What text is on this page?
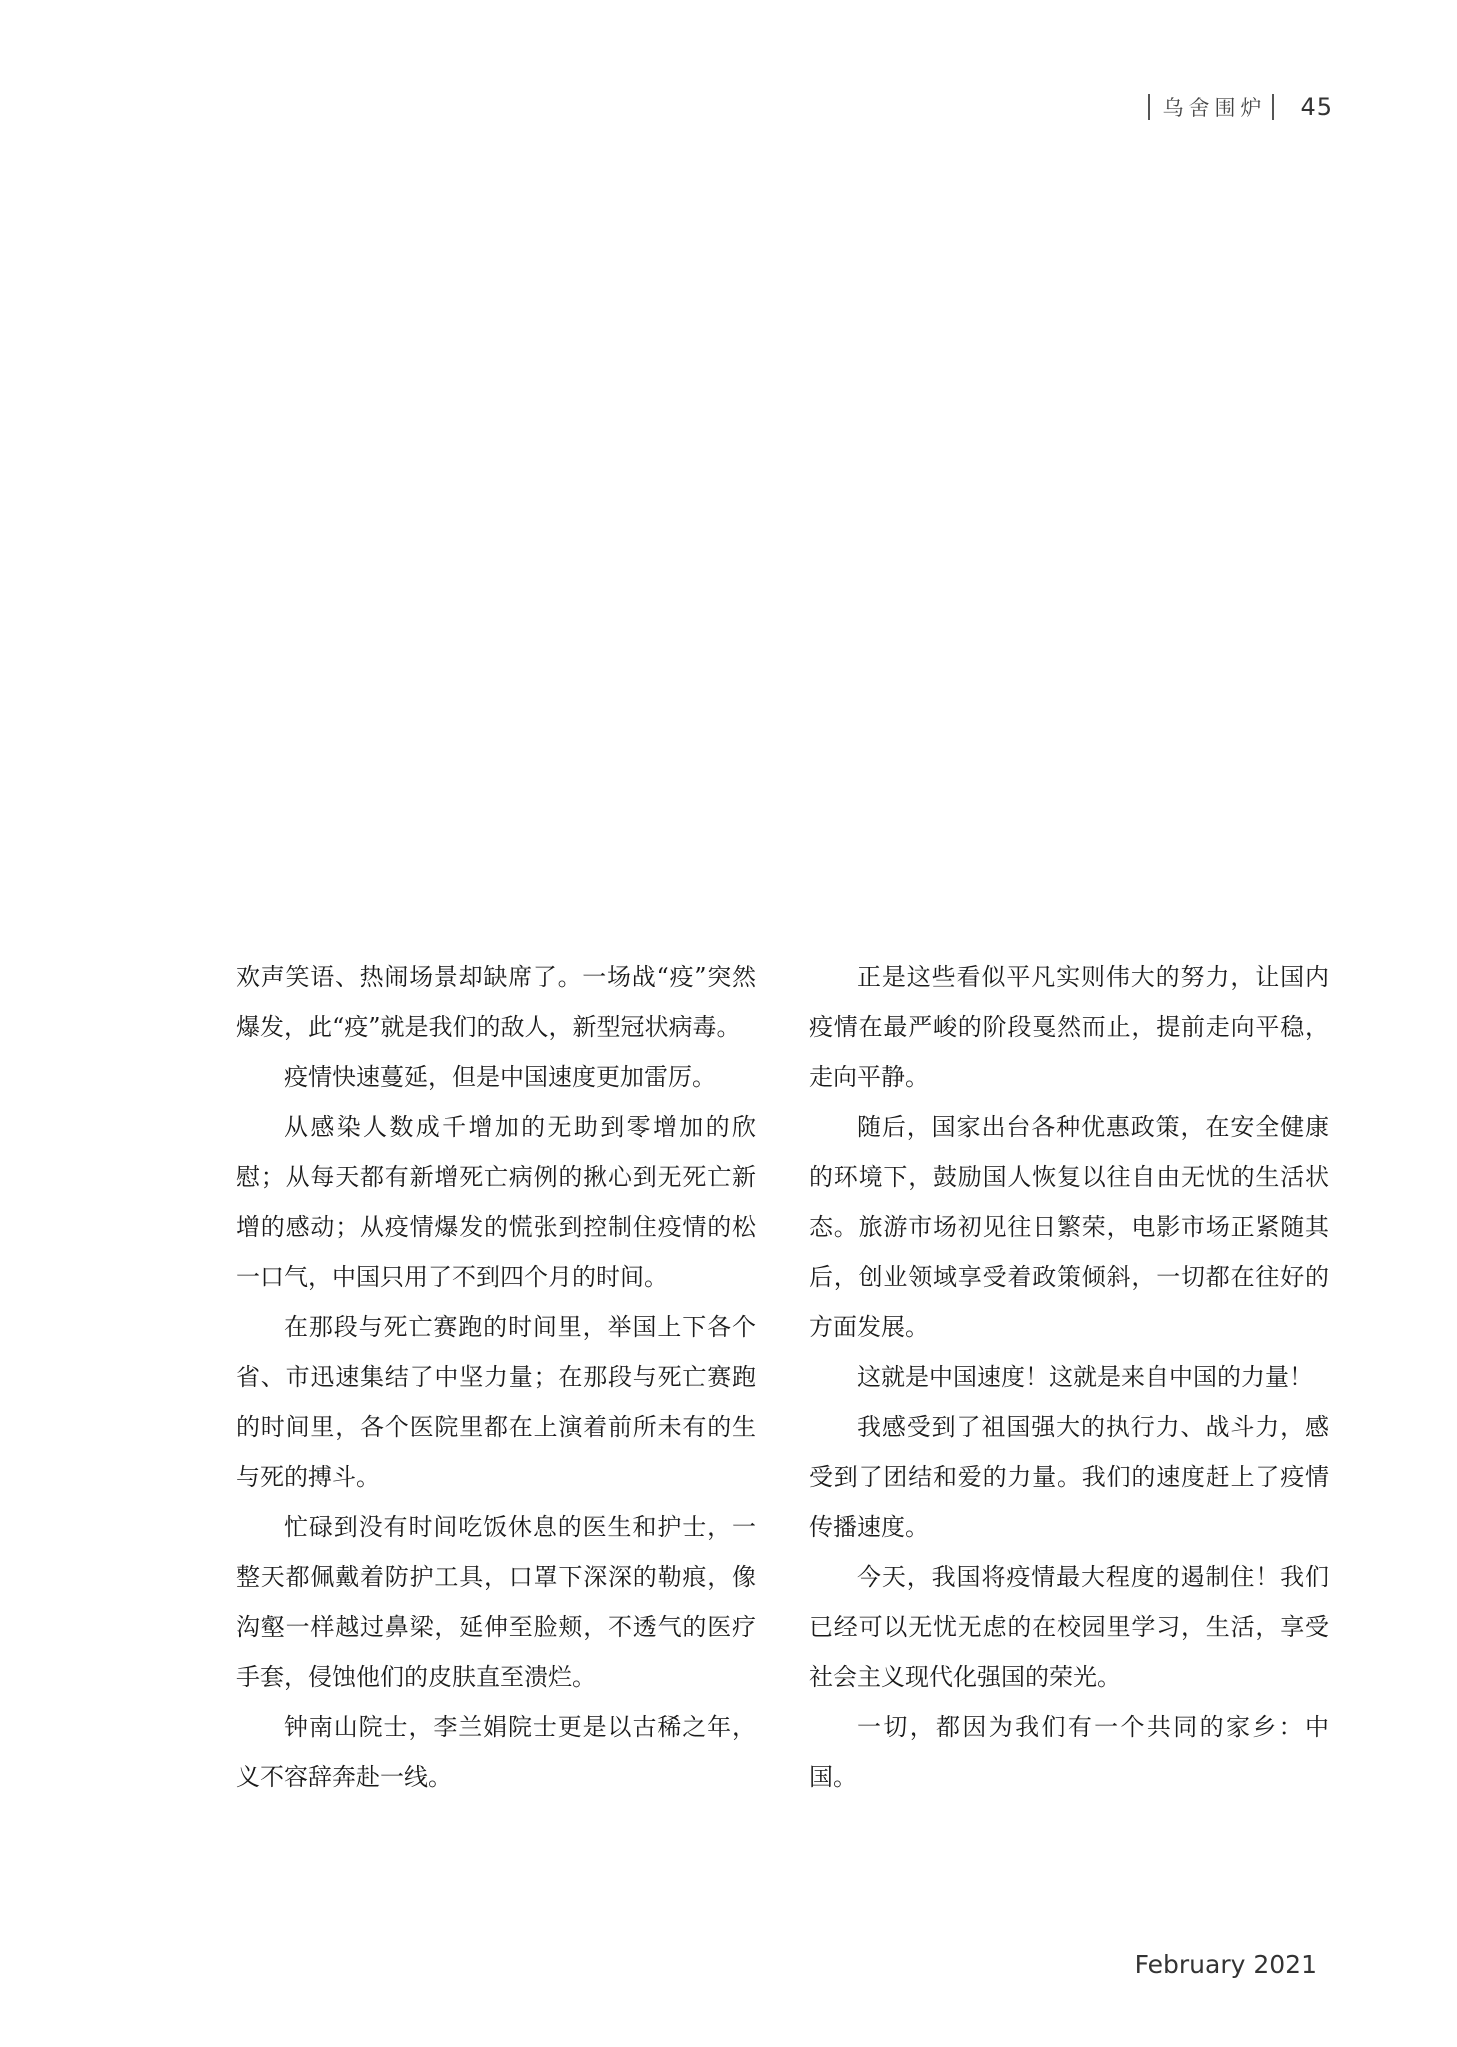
乌舍围炉 45

欢声笑语、热闹场景却缺席了。一场战“疫”突然爆发，此“疫”就是我们的敌人，新型冠状病毒。

疫情快速蔓延，但是中国速度更加雷厉。

从感染人数成千增加的无助到零增加的欣慰；从每天都有新增死亡病例的揪心到无死亡新增的感动；从疫情爆发的慌张到控制住疫情的松一口气，中国只用了不到四个月的时间。

在那段与死亡赛跑的时间里，举国上下各个省、市迅速集结了中坚力量；在那段与死亡赛跑的时间里，各个医院里都在上演着前所未有的生与死的搏斗。

忙碌到没有时间吃饭休息的医生和护士，一整天都佩戴着防护工具，口罩下深深的勒痕，像沟壑一样越过鼻梁，延伸至脸颊，不透气的医疗手套，侵蚀他们的皮肤直至溃烂。

钟南山院士，李兰娟院士更是以古稀之年，义不容辞奔赴一线。

正是这些看似平凡实则伟大的努力，让国内疫情在最严峻的阶段戛然而止，提前走向平稳，走向平静。

随后，国家出台各种优惠政策，在安全健康的环境下，鼓励国人恢复以往自由无忧的生活状态。旅游市场初见往日繁荣，电影市场正紧随其后，创业领域享受着政策倾斜，一切都在往好的方面发展。

这就是中国速度！这就是来自中国的力量！

我感受到了祖国强大的执行力、战斗力，感受到了团结和爱的力量。我们的速度赶上了疫情传播速度。

今天，我国将疫情最大程度的遏制住！我们已经可以无忧无虑的在校园里学习，生活，享受社会主义现代化强国的荣光。

一切，都因为我们有一个共同的家乡：中国。

February 2021
